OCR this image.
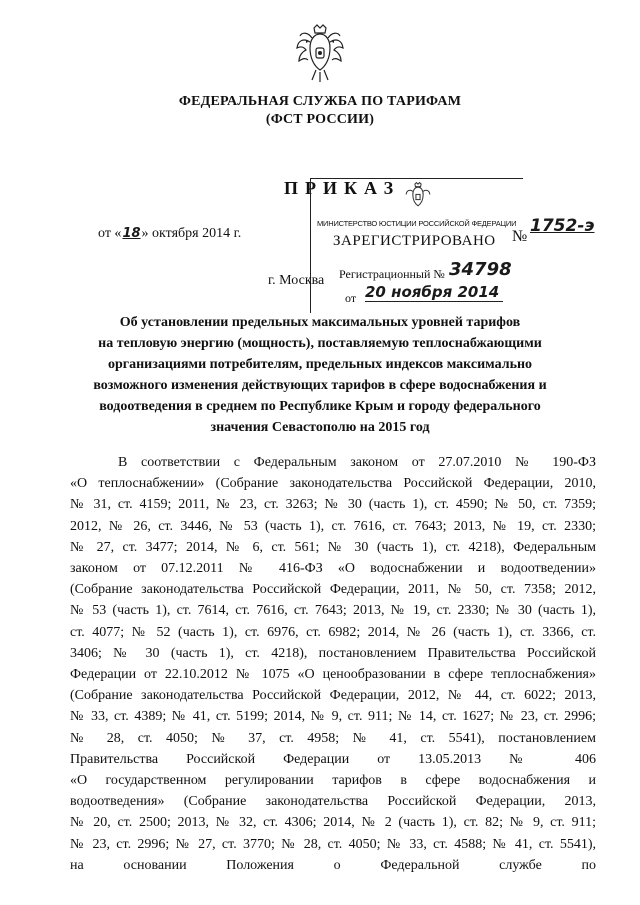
ФЕДЕРАЛЬНАЯ СЛУЖБА ПО ТАРИФАМ
(ФСТ РОССИИ)
ПРИКАЗ
МИНИСТЕРСТВО ЮСТИЦИИ РОССИЙСКОЙ ФЕДЕРАЦИИ
ЗАРЕГИСТРИРОВАНО
Регистрационный № 34798
от 20 ноября 2014
от «18» октября 2014 г.	№
1752-э
г. Москва
Об установлении предельных максимальных уровней тарифов
на тепловую энергию (мощность), поставляемую теплоснабжающими
организациями потребителям, предельных индексов максимально
возможного изменения действующих тарифов в сфере водоснабжения и
водоотведения в среднем по Республике Крым и городу федерального
значения Севастополю на 2015 год
В соответствии с Федеральным законом от 27.07.2010 № 190-ФЗ
«О теплоснабжении» (Собрание законодательства Российской Федерации, 2010,
№ 31, ст. 4159; 2011, № 23, ст. 3263; № 30 (часть 1), ст. 4590; № 50, ст. 7359;
2012, № 26, ст. 3446, № 53 (часть 1), ст. 7616, ст. 7643; 2013, № 19, ст. 2330;
№ 27, ст. 3477; 2014, № 6, ст. 561; № 30 (часть 1), ст. 4218), Федеральным
законом от 07.12.2011 № 416-ФЗ «О водоснабжении и водоотведении»
(Собрание законодательства Российской Федерации, 2011, № 50, ст. 7358; 2012,
№ 53 (часть 1), ст. 7614, ст. 7616, ст. 7643; 2013, № 19, ст. 2330; № 30 (часть 1),
ст. 4077; № 52 (часть 1), ст. 6976, ст. 6982; 2014, № 26 (часть 1), ст. 3366, ст.
3406; № 30 (часть 1), ст. 4218), постановлением Правительства Российской
Федерации от 22.10.2012 № 1075 «О ценообразовании в сфере теплоснабжения»
(Собрание законодательства Российской Федерации, 2012, № 44, ст. 6022; 2013,
№ 33, ст. 4389; № 41, ст. 5199; 2014, № 9, ст. 911; № 14, ст. 1627; № 23, ст. 2996;
№ 28, ст. 4050; № 37, ст. 4958; № 41, ст. 5541), постановлением
Правительства Российской Федерации от 13.05.2013 № 406
«О государственном регулировании тарифов в сфере водоснабжения и
водоотведения» (Собрание законодательства Российской Федерации, 2013,
№ 20, ст. 2500; 2013, № 32, ст. 4306; 2014, № 2 (часть 1), ст. 82; № 9, ст. 911;
№ 23, ст. 2996; № 27, ст. 3770; № 28, ст. 4050; № 33, ст. 4588; № 41, ст. 5541),
на основании Положения о Федеральной службе по
